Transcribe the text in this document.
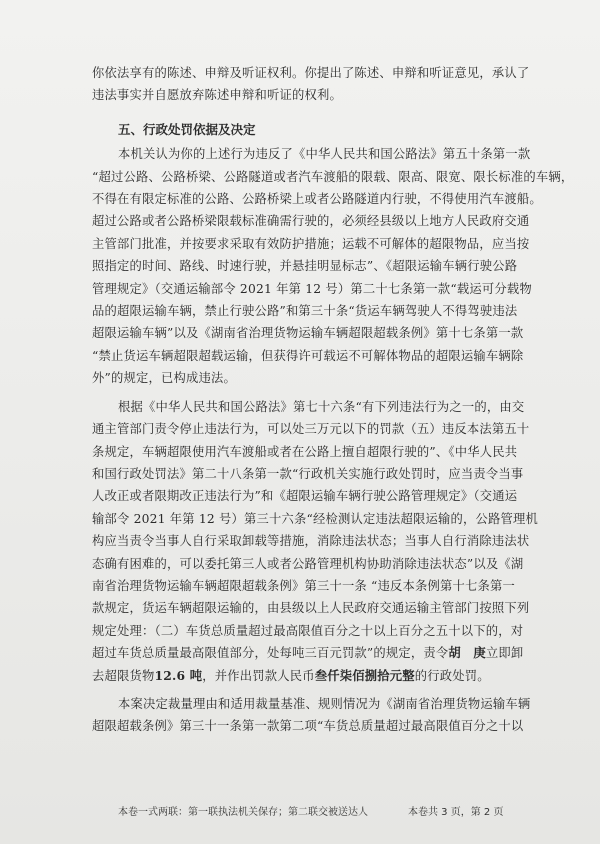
你依法享有的陈述、申辩及听证权利。你提出了陈述、申辩和听证意见，承认了

违法事实并自愿放弃陈述申辩和听证的权利。

五、行政处罚依据及决定

本机关认为你的上述行为违反了《中华人民共和国公路法》第五十条第一款

“超过公路、公路桥梁、公路隧道或者汽车渡船的限载、限高、限宽、限长标准的车辆，

不得在有限定标准的公路、公路桥梁上或者公路隧道内行驶，不得使用汽车渡船。

超过公路或者公路桥梁限载标准确需行驶的，必须经县级以上地方人民政府交通

主管部门批准，并按要求采取有效防护措施；运载不可解体的超限物品，应当按

照指定的时间、路线、时速行驶，并悬挂明显标志”、《超限运输车辆行驶公路

管理规定》（交通运输部令 2021 年第 12 号）第二十七条第一款“载运可分载物

品的超限运输车辆，禁止行驶公路”和第三十条“货运车辆驾驶人不得驾驶违法

超限运输车辆”以及《湖南省治理货物运输车辆超限超载条例》第十七条第一款

“禁止货运车辆超限超载运输，但获得许可载运不可解体物品的超限运输车辆除

外”的规定，已构成违法。

根据《中华人民共和国公路法》第七十六条“有下列违法行为之一的，由交

通主管部门责令停止违法行为，可以处三万元以下的罚款（五）违反本法第五十

条规定，车辆超限使用汽车渡船或者在公路上擅自超限行驶的”、《中华人民共

和国行政处罚法》第二十八条第一款“行政机关实施行政处罚时，应当责令当事

人改正或者限期改正违法行为”和《超限运输车辆行驶公路管理规定》（交通运

输部令 2021 年第 12 号）第三十六条“经检测认定违法超限运输的，公路管理机

构应当责令当事人自行采取卸载等措施，消除违法状态；当事人自行消除违法状

态确有困难的，可以委托第三人或者公路管理机构协助消除违法状态”以及《湖

南省治理货物运输车辆超限超载条例》第三十一条 “违反本条例第十七条第一

款规定，货运车辆超限运输的，由县级以上人民政府交通运输主管部门按照下列

规定处理：（二）车货总质量超过最高限值百分之十以上百分之五十以下的，对

超过车货总质量最高限值部分，处每吨三百元罚款”的规定，责令胡　庚立即卸

去超限货物12.6 吨，并作出罚款人民币叁仟柒佰捌拾元整的行政处罚。

本案决定裁量理由和适用裁量基准、规则情况为《湖南省治理货物运输车辆

超限超载条例》第三十一条第一款第二项“车货总质量超过最高限值百分之十以

本卷一式两联：第一联执法机关保存；第二联交被送达人	本卷共 3 页，第 2 页
